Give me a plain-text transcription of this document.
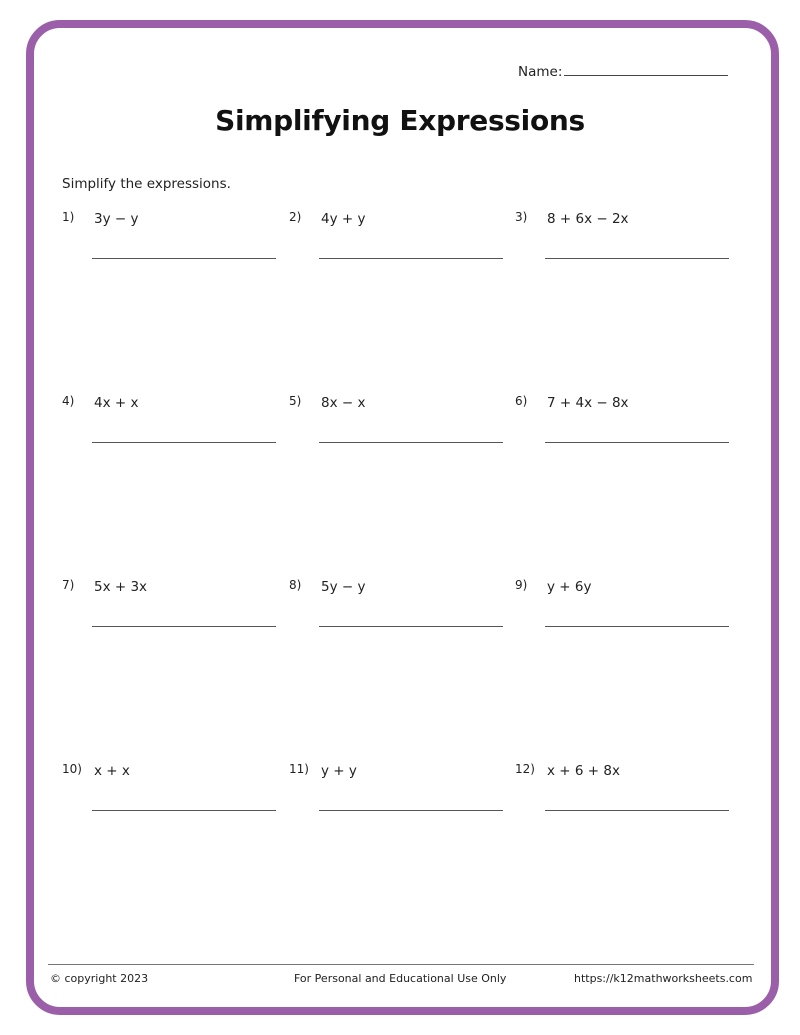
Name:
Simplifying Expressions
Simplify the expressions.
1) 3y − y	2) 4y + y	3) 8 + 6x − 2x
4) 4x + x	5) 8x − x	6) 7 + 4x − 8x
7) 5x + 3x	8) 5y − y	9) y + 6y
10) x + x	11) y + y	12) x + 6 + 8x
© copyright 2023	For Personal and Educational Use Only	https://k12mathworksheets.com
